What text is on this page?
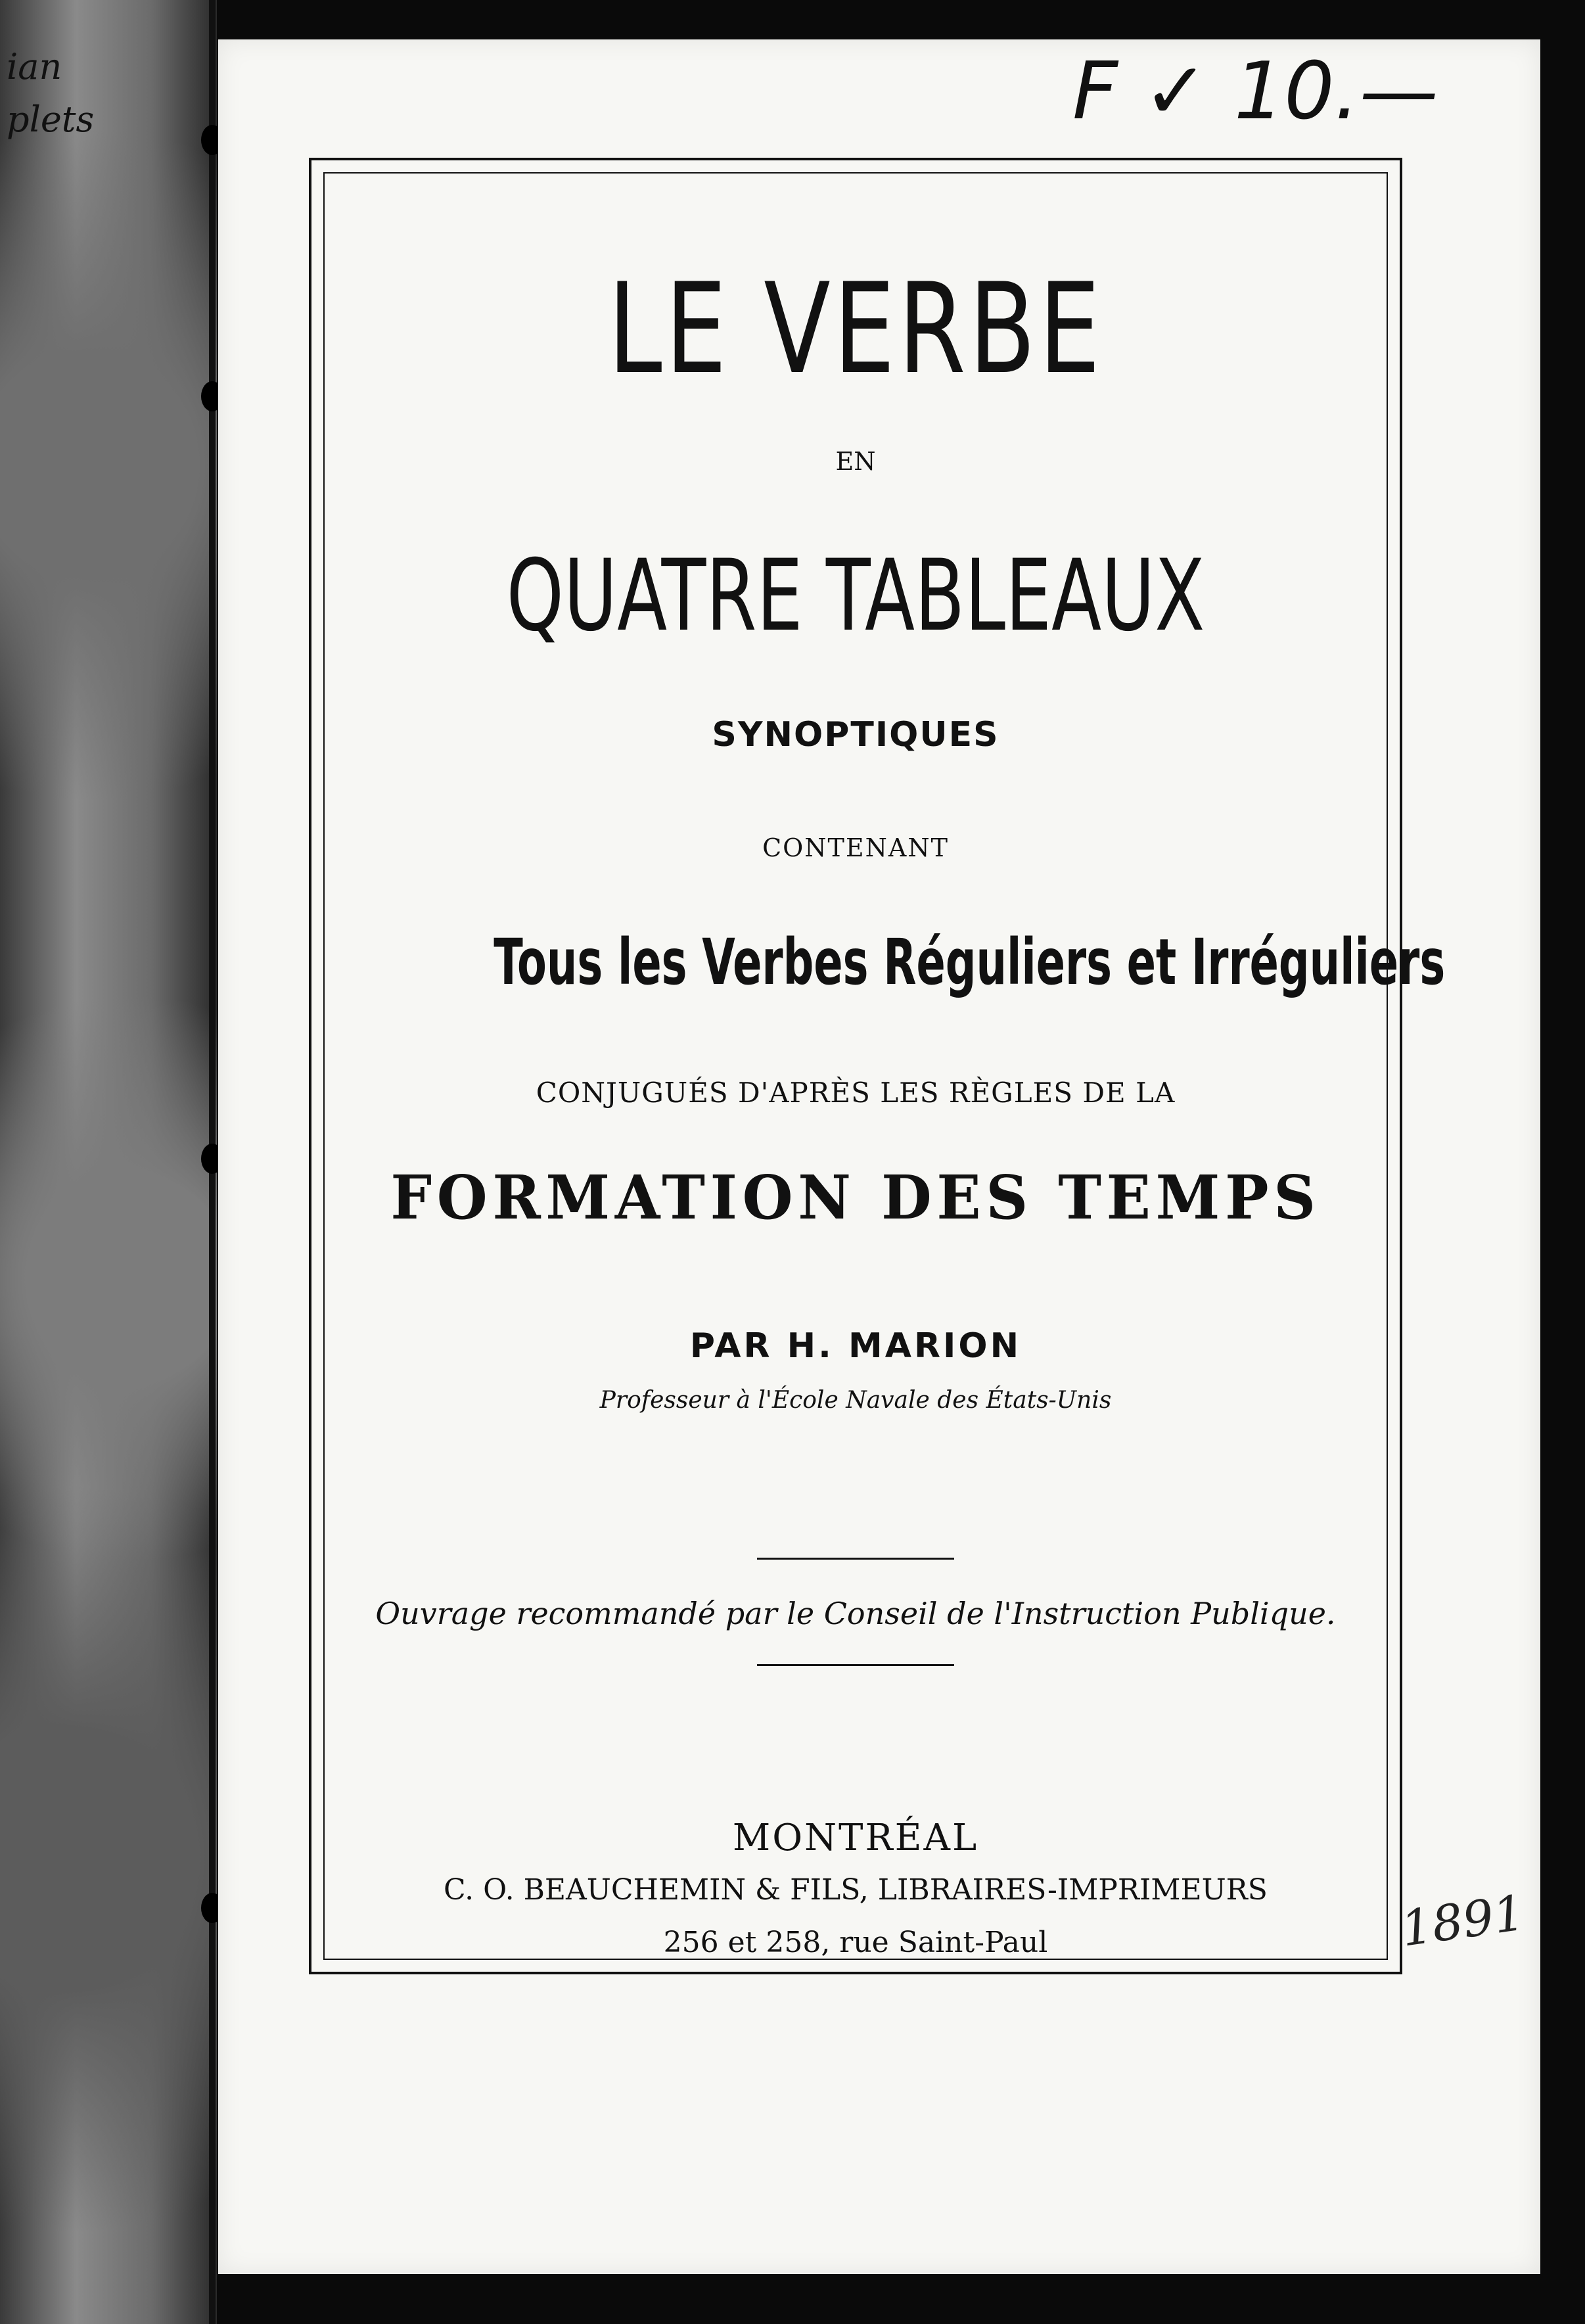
ian
plets	F ✓ 10.—
LE VERBE
EN
QUATRE TABLEAUX
SYNOPTIQUES
CONTENANT
Tous les Verbes Réguliers et Irréguliers
CONJUGUÉS D'APRÈS LES RÈGLES DE LA
FORMATION DES TEMPS
PAR H. MARION
Professeur à l'École Navale des États-Unis
Ouvrage recommandé par le Conseil de l'Instruction Publique.
MONTRÉAL
C. O. BEAUCHEMIN & FILS, LIBRAIRES-IMPRIMEURS
256 et 258, rue Saint-Paul	1891
